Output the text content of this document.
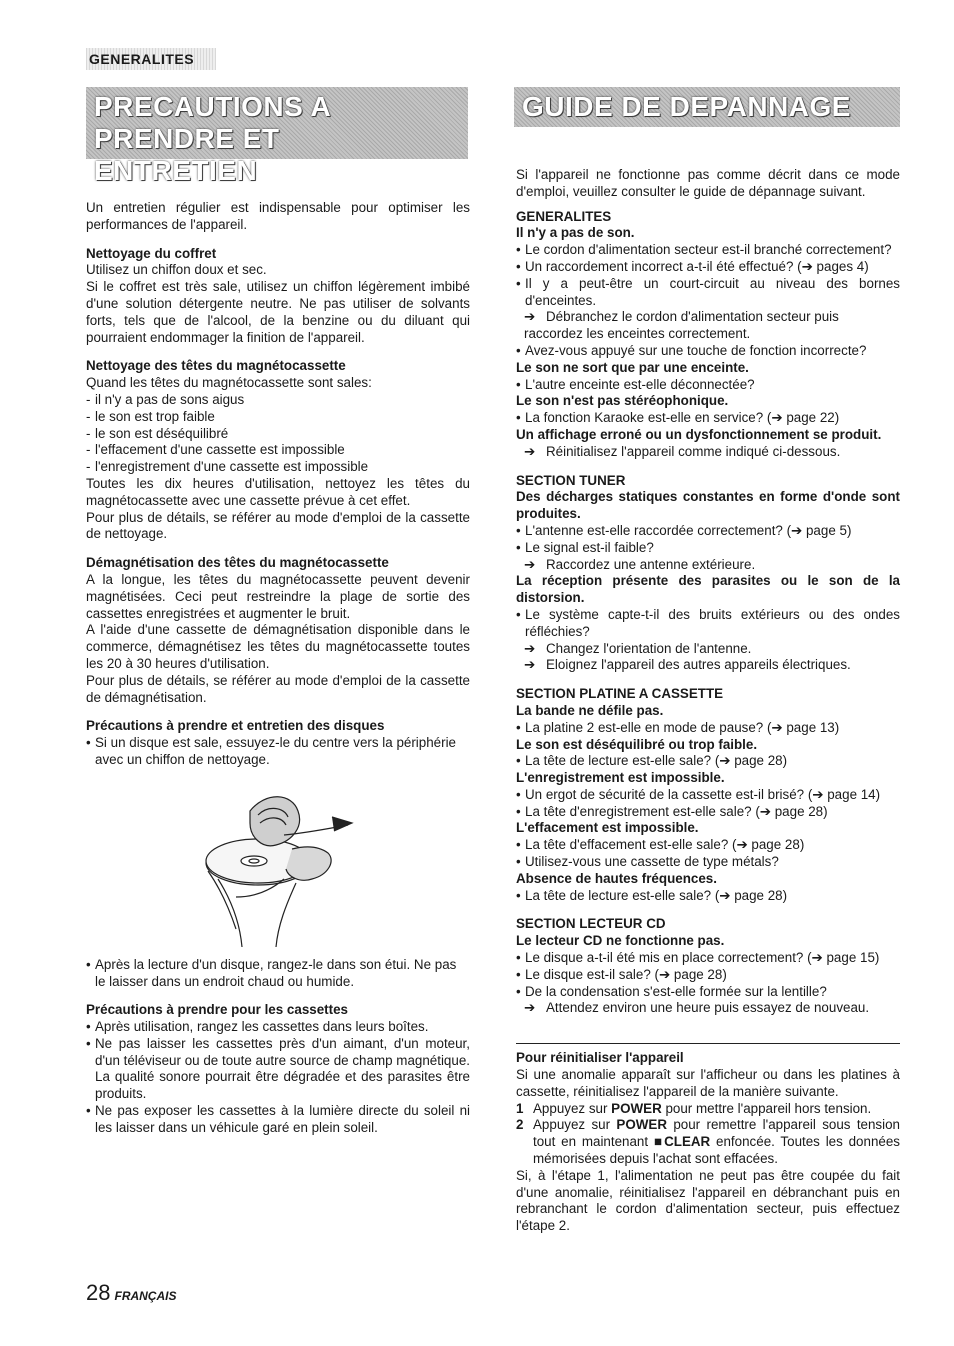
GENERALITES
PRECAUTIONS A PRENDRE ET
ENTRETIEN
GUIDE DE DEPANNAGE

Un entretien régulier est indispensable pour optimiser les performances de l'appareil.

Nettoyage du coffret

Utilisez un chiffon doux et sec.

Si le coffret est très sale, utilisez un chiffon légèrement imbibé d'une solution détergente neutre. Ne pas utiliser de solvants forts, tels que de l'alcool, de la benzine ou du diluant qui pourraient endommager la finition de l'appareil.

Nettoyage des têtes du magnétocassette

Quand les têtes du magnétocassette sont sales:

- il n'y a pas de sons aigus
- le son est trop faible
- le son est déséquilibré
- l'effacement d'une cassette est impossible
- l'enregistrement d'une cassette est impossible

Toutes les dix heures d'utilisation, nettoyez les têtes du magnétocassette avec une cassette prévue à cet effet.

Pour plus de détails, se référer au mode d'emploi de la cassette de nettoyage.

Démagnétisation des têtes du magnétocassette

A la longue, les têtes du magnétocassette peuvent devenir magnétisées. Ceci peut restreindre la plage de sortie des cassettes enregistrées et augmenter le bruit.

A l'aide d'une cassette de démagnétisation disponible dans le commerce, démagnétisez les têtes du magnétocassette toutes les 20 à 30 heures d'utilisation.

Pour plus de détails, se référer au mode d'emploi de la cassette de démagnétisation.

Précautions à prendre et entretien des disques

• Si un disque est sale, essuyez-le du centre vers la périphérie avec un chiffon de nettoyage.
• Après la lecture d'un disque, rangez-le dans son étui. Ne pas le laisser dans un endroit chaud ou humide.

Précautions à prendre pour les cassettes

• Après utilisation, rangez les cassettes dans leurs boîtes.
• Ne pas laisser les cassettes près d'un aimant, d'un moteur, d'un téléviseur ou de toute autre source de champ magnétique. La qualité sonore pourrait être dégradée et des parasites être produits.
• Ne pas exposer les cassettes à la lumière directe du soleil ni les laisser dans un véhicule garé en plein soleil.

Si l'appareil ne fonctionne pas comme décrit dans ce mode d'emploi, veuillez consulter le guide de dépannage suivant.

GENERALITES

Il n'y a pas de son.

• Le cordon d'alimentation secteur est-il branché correctement?
• Un raccordement incorrect a-t-il été effectué? (➔ pages 4)
• Il y a peut-être un court-circuit au niveau des bornes d'enceintes.

➔ Débranchez le cordon d'alimentation secteur puis raccordez les enceintes correctement.

• Avez-vous appuyé sur une touche de fonction incorrecte?

Le son ne sort que par une enceinte.

• L'autre enceinte est-elle déconnectée?

Le son n'est pas stéréophonique.

• La fonction Karaoke est-elle en service? (➔ page 22)

Un affichage erroné ou un dysfonctionnement se produit.

➔ Réinitialisez l'appareil comme indiqué ci-dessous.

SECTION TUNER

Des décharges statiques constantes en forme d'onde sont produites.

• L'antenne est-elle raccordée correctement? (➔ page 5)
• Le signal est-il faible?

➔ Raccordez une antenne extérieure.

La réception présente des parasites ou le son de la distorsion.

• Le système capte-t-il des bruits extérieurs ou des ondes réfléchies?

➔ Changez l'orientation de l'antenne.

➔ Eloignez l'appareil des autres appareils électriques.

SECTION PLATINE A CASSETTE

La bande ne défile pas.

• La platine 2 est-elle en mode de pause? (➔ page 13)

Le son est déséquilibré ou trop faible.

• La tête de lecture est-elle sale? (➔ page 28)

L'enregistrement est impossible.

• Un ergot de sécurité de la cassette est-il brisé? (➔ page 14)
• La tête d'enregistrement est-elle sale? (➔ page 28)

L'effacement est impossible.

• La tête d'effacement est-elle sale? (➔ page 28)
• Utilisez-vous une cassette de type métals?

Absence de hautes fréquences.

• La tête de lecture est-elle sale? (➔ page 28)

SECTION LECTEUR CD

Le lecteur CD ne fonctionne pas.

• Le disque a-t-il été mis en place correctement? (➔ page 15)
• Le disque est-il sale? (➔ page 28)
• De la condensation s'est-elle formée sur la lentille?

➔ Attendez environ une heure puis essayez de nouveau.

Pour réinitialiser l'appareil

Si une anomalie apparaît sur l'afficheur ou dans les platines à cassette, réinitialisez l'appareil de la manière suivante.

1 Appuyez sur POWER pour mettre l'appareil hors tension.
2 Appuyez sur POWER pour remettre l'appareil sous tension tout en maintenant ■CLEAR enfoncée. Toutes les données mémorisées depuis l'achat sont effacées.

Si, à l'étape 1, l'alimentation ne peut pas être coupée du fait d'une anomalie, réinitialisez l'appareil en débranchant puis en rebranchant le cordon d'alimentation secteur, puis effectuez l'étape 2.

28 FRANÇAIS
